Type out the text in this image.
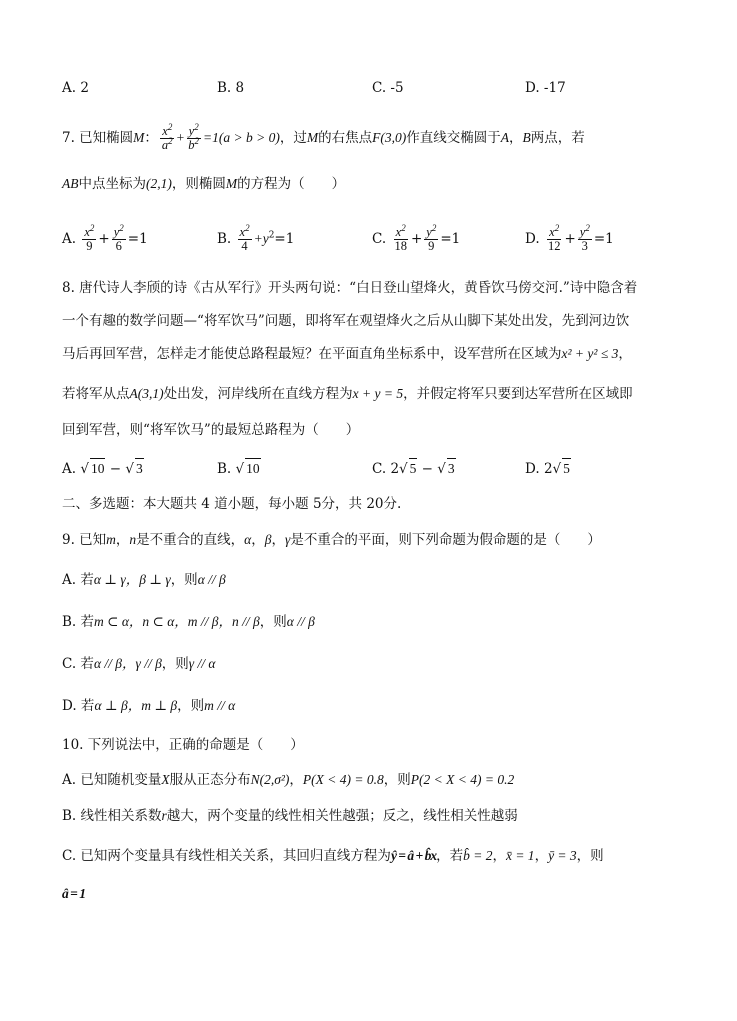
A. 2	B. 8	C. -5	D. -17
7. 已知椭圆M： $\frac{x^2}{a^2} + \frac{y^2}{b^2} =1(a > b > 0)$，过M的右焦点F(3,0)作直线交椭圆于A，B两点，若
AB中点坐标为(2,1)，则椭圆M的方程为（　　）
A. $\frac{x^2}{9} + \frac{y^2}{6} =1$	B. $\frac{x^2}{4} +y^2=1$	C. $\frac{x^2}{18} + \frac{y^2}{9} =1$	D. $\frac{x^2}{12} + \frac{y^2}{3} =1$
8. 唐代诗人李颀的诗《古从军行》开头两句说：“白日登山望烽火，黄昏饮马傍交河.”诗中隐含着
一个有趣的数学问题—“将军饮马”问题，即将军在观望烽火之后从山脚下某处出发，先到河边饮
马后再回军营，怎样走才能使总路程最短？在平面直角坐标系中，设军营所在区域为x² + y² ≤ 3，
若将军从点A(3,1)处出发，河岸线所在直线方程为x + y = 5，并假定将军只要到达军营所在区域即
回到军营，则“将军饮马”的最短总路程为（　　）
A. √ 10 − √ 3	B. √ 10	C. 2√ 5 − √ 3	D. 2√ 5
二、多选题：本大题共 4 道小题，每小题 5分，共 20分.
9. 已知m，n是不重合的直线，α，β，γ是不重合的平面，则下列命题为假命题的是（　　）
A. 若α ⊥ γ，β ⊥ γ，则α // β
B. 若m ⊂ α，n ⊂ α，m // β，n // β，则α // β
C. 若α // β，γ // β，则γ // α
D. 若α ⊥ β，m ⊥ β，则m // α
10. 下列说法中，正确的命题是（　　）
A. 已知随机变量X服从正态分布N(2,σ²)，P(X < 4) = 0.8，则P(2 < X < 4) = 0.2
B. 线性相关系数r越大，两个变量的线性相关性越强；反之，线性相关性越弱
C. 已知两个变量具有线性相关关系，其回归直线方程为ŷ = â + b̂x，若b̂ = 2，x̄ = 1，ȳ = 3，则
â = 1
